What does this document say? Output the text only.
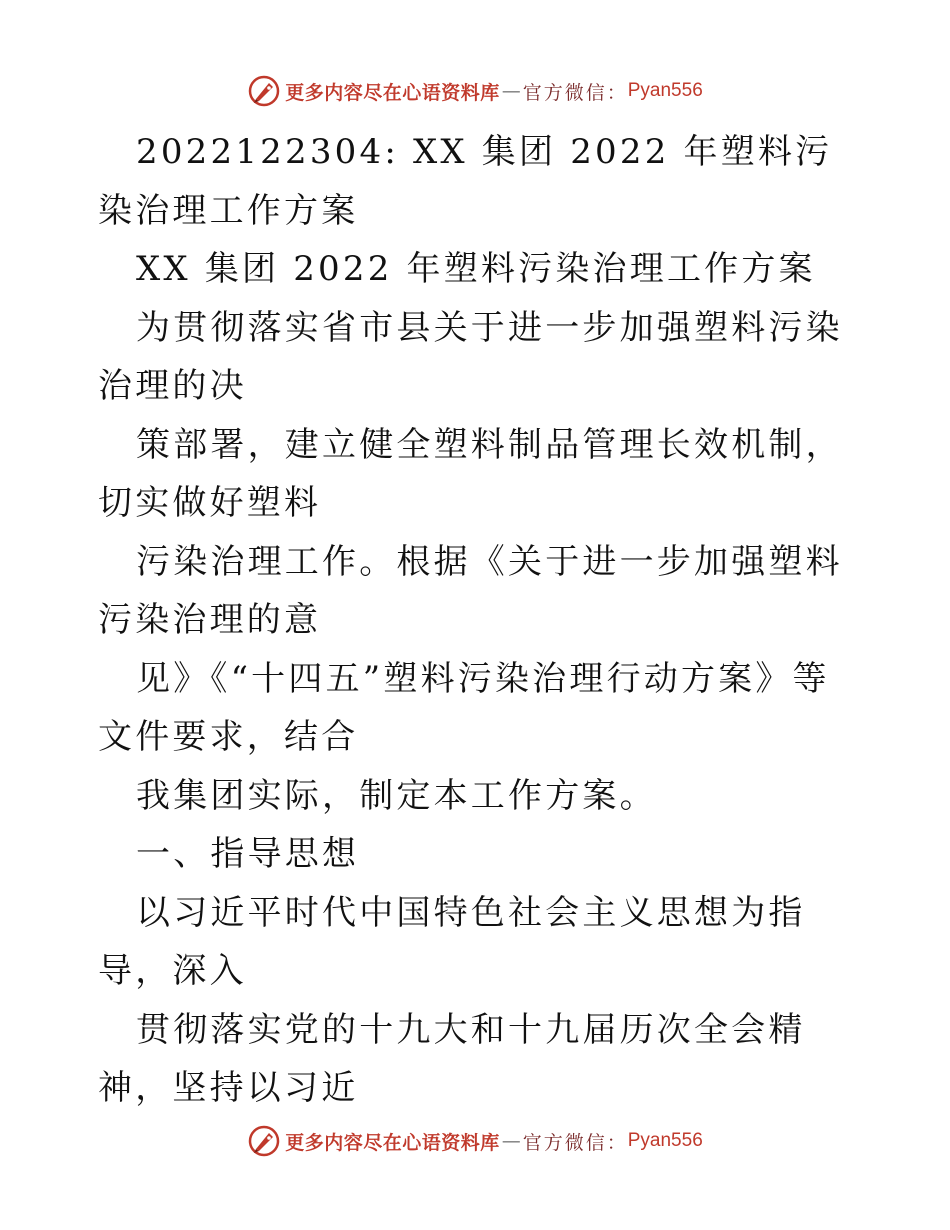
更多内容尽在心语资料库 — 官方微信： Pyan556

2022122304: XX 集团 2022 年塑料污染治理工作方案

XX 集团 2022 年塑料污染治理工作方案

为贯彻落实省市县关于进一步加强塑料污染治理的决

策部署，建立健全塑料制品管理长效机制，切实做好塑料

污染治理工作。根据《关于进一步加强塑料污染治理的意

见》《“十四五”塑料污染治理行动方案》等文件要求，结合

我集团实际，制定本工作方案。

一、指导思想

以习近平时代中国特色社会主义思想为指导，深入

贯彻落实党的十九大和十九届历次全会精神，坚持以习近

更多内容尽在心语资料库 — 官方微信： Pyan556
